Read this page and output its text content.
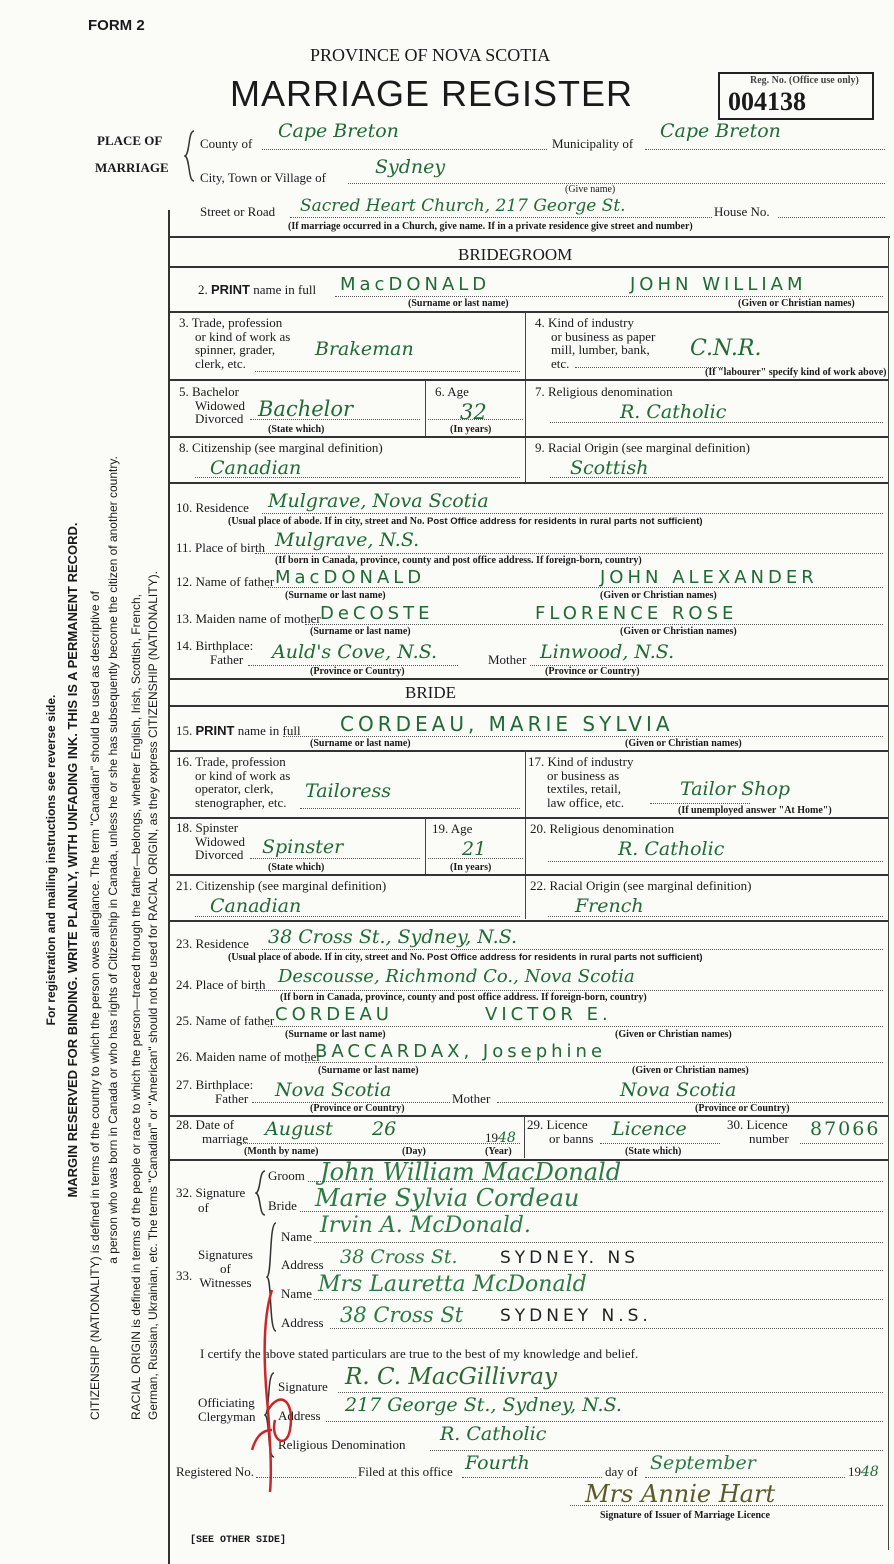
FORM 2
PROVINCE OF NOVA SCOTIA
MARRIAGE REGISTER	Reg. No. (Office use only)
004138
For registration and mailing instructions see reverse side. MARGIN RESERVED FOR BINDING. WRITE PLAINLY, WITH UNFADING INK. THIS IS A PERMANENT RECORD. CITIZENSHIP (NATIONALITY) is defined in terms of the country to which the person owes allegiance. The term "Canadian" should be used as descriptive of a person who was born in Canada or who has rights of Citizenship in Canada, unless he or she has subsequently become the citizen of another country. RACIAL ORIGIN is defined in terms of the people or race to which the person—traced through the father—belongs, whether English, Irish, Scottish, French, German, Russian, Ukrainian, etc. The terms "Canadian" or "American" should not be used for RACIAL ORIGIN, as they express CITIZENSHIP (NATIONALITY).
PLACE OF
MARRIAGE
County of
Cape Breton
Municipality of
Cape Breton
City, Town or Village of	Sydney
(Give name)
Street or Road Sacred Heart Church, 217 George St.	House No.
(If marriage occurred in a Church, give name. If in a private residence give street and number)
BRIDEGROOM
2. PRINT name in full MacDONALD	JOHN WILLIAM
(Surname or last name)	(Given or Christian names)
3. Trade, profession
or kind of work as
spinner, grader,
clerk, etc.
Brakeman
4. Kind of industry
or business as paper
mill, lumber, bank,
etc.
C.N.R.
(If "labourer" specify kind of work above)
5. Bachelor
Widowed
Divorced Bachelor
(State which)
6. Age
32
(In years)
7. Religious denomination
R. Catholic
8. Citizenship (see marginal definition)
Canadian
9. Racial Origin (see marginal definition)
Scottish
10. Residence Mulgrave, Nova Scotia
(Usual place of abode. If in city, street and No. Post Office address for residents in rural parts not sufficient)
11. Place of birth Mulgrave, N.S.
(If born in Canada, province, county and post office address. If foreign-born, country)
12. Name of father MacDONALD	JOHN ALEXANDER
(Surname or last name)	(Given or Christian names)
13. Maiden name of mother DeCOSTE	FLORENCE ROSE
(Surname or last name)	(Given or Christian names)
14. Birthplace:
Father Auld's Cove, N.S.	Mother Linwood, N.S.
(Province or Country)	(Province or Country)
BRIDE
15. PRINT name in full CORDEAU, MARIE SYLVIA
(Surname or last name)	(Given or Christian names)
16. Trade, profession
or kind of work as
operator, clerk,
stenographer, etc. Tailoress
17. Kind of industry
or business as
textiles, retail,
law office, etc.
Tailor Shop
(If unemployed answer "At Home")
18. Spinster
Widowed
Divorced Spinster
(State which)
19. Age
21
(In years)
20. Religious denomination
R. Catholic
21. Citizenship (see marginal definition)
Canadian
22. Racial Origin (see marginal definition)
French
23. Residence 38 Cross St., Sydney, N.S.
(Usual place of abode. If in city, street and No. Post Office address for residents in rural parts not sufficient)
24. Place of birth Descousse, Richmond Co., Nova Scotia
(If born in Canada, province, county and post office address. If foreign-born, country)
25. Name of father CORDEAU	VICTOR E.
(Surname or last name)	(Given or Christian names)
26. Maiden name of mother
BACCARDAX, Josephine
(Surname or last name)	(Given or Christian names)
27. Birthplace:
Father Nova Scotia	Mother	Nova Scotia
(Province or Country)	(Province or Country)
28. Date of
marriage August 26	1948
(Month by name)	(Day)	(Year)
29. Licence
or banns Licence
(State which)
30. Licence
number 87066
32. Signature
of
Groom John William MacDonald
Bride Marie Sylvia Cordeau
33.
Signatures
of
Witnesses
Name Irvin A. McDonald.
Address 38 Cross St. SYDNEY. NS
Name Mrs Lauretta McDonald
Address 38 Cross St SYDNEY N.S.
I certify the above stated particulars are true to the best of my knowledge and belief.
Officiating
Clergyman
Signature R. C. MacGillivray
Address 217 George St., Sydney, N.S.
Religious Denomination R. Catholic
Registered No.	Filed at this office Fourth	day of September	1948
Mrs Annie Hart
Signature of Issuer of Marriage Licence
[SEE OTHER SIDE]
